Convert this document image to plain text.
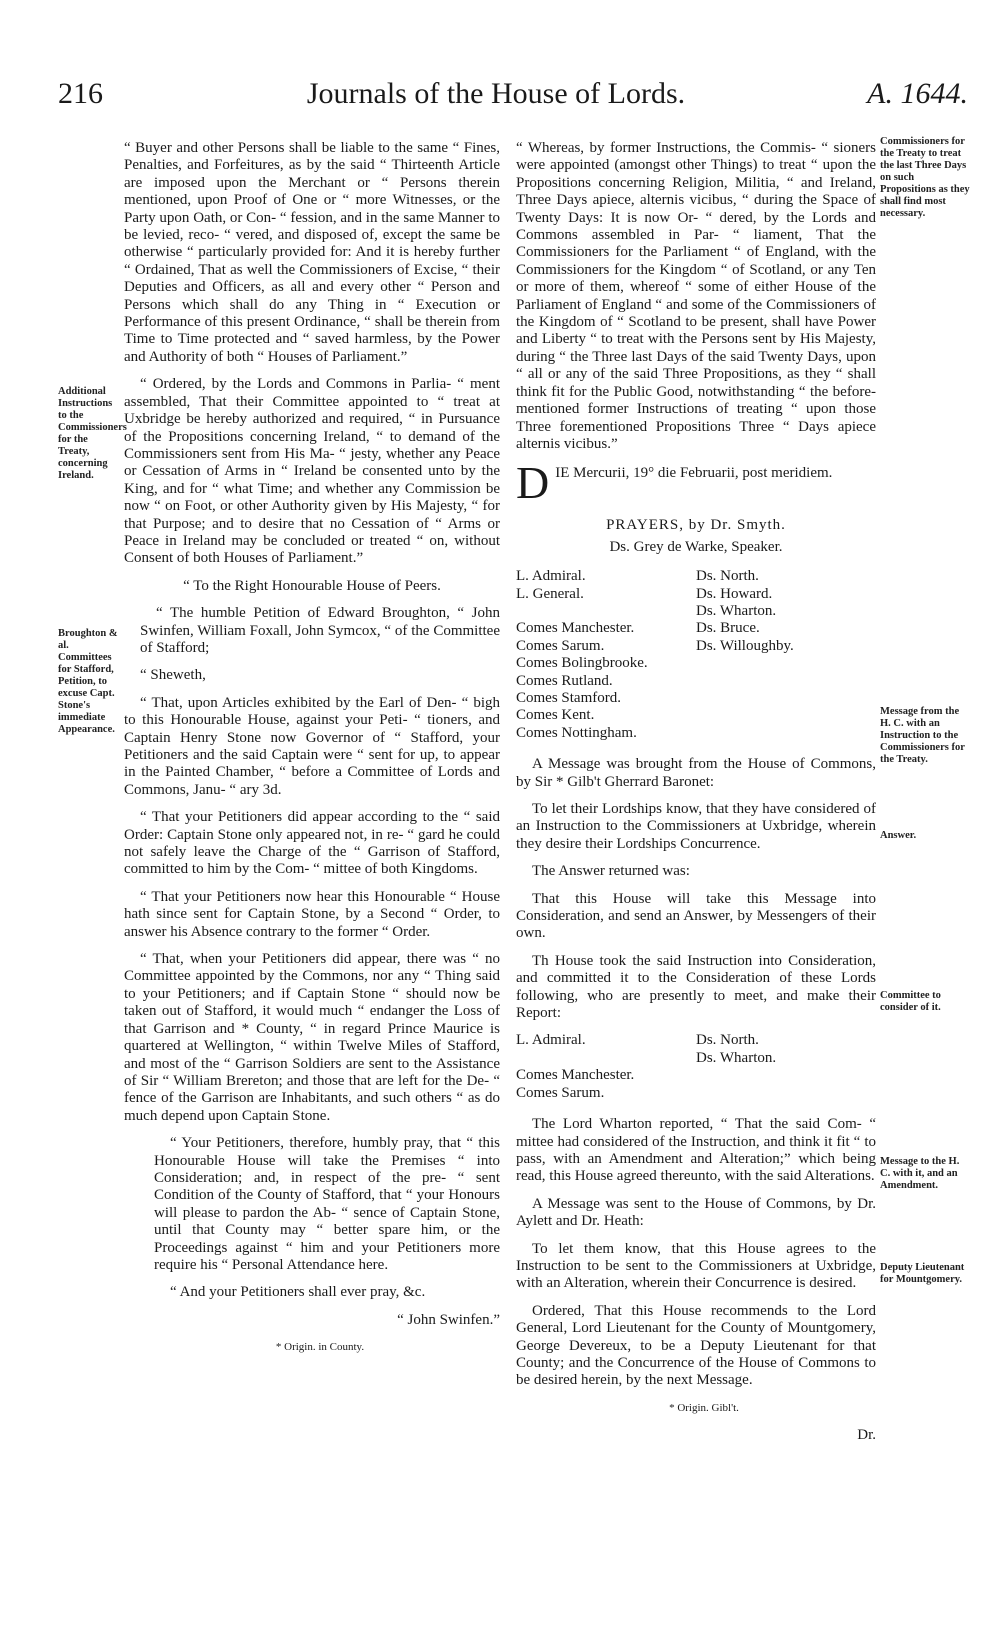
216	Journals of the House of Lords.	A. 1644.
Additional Instructions to the Commissioners for the Treaty, concerning Ireland.
Broughton & al. Committees for Stafford, Petition, to excuse Capt. Stone's immediate Appearance.
Commissioners for the Treaty to treat the last Three Days on such Propositions as they shall find most necessary.
Message from the H. C. with an Instruction to the Commissioners for the Treaty.
Answer.
Committee to consider of it.
Message to the H. C. with it, and an Amendment.
Deputy Lieutenant for Mountgomery.

“ Buyer and other Persons shall be liable to the same “ Fines, Penalties, and Forfeitures, as by the said “ Thirteenth Article are imposed upon the Merchant or “ Persons therein mentioned, upon Proof of One or “ more Witnesses, or the Party upon Oath, or Con- “ fession, and in the same Manner to be levied, reco- “ vered, and disposed of, except the same be otherwise “ particularly provided for: And it is hereby further “ Ordained, That as well the Commissioners of Excise, “ their Deputies and Officers, as all and every other “ Person and Persons which shall do any Thing in “ Execution or Performance of this present Ordinance, “ shall be therein from Time to Time protected and “ saved harmless, by the Power and Authority of both “ Houses of Parliament.”

“ Ordered, by the Lords and Commons in Parlia- “ ment assembled, That their Committee appointed to “ treat at Uxbridge be hereby authorized and required, “ in Pursuance of the Propositions concerning Ireland, “ to demand of the Commissioners sent from His Ma- “ jesty, whether any Peace or Cessation of Arms in “ Ireland be consented unto by the King, and for “ what Time; and whether any Commission be now “ on Foot, or other Authority given by His Majesty, “ for that Purpose; and to desire that no Cessation of “ Arms or Peace in Ireland may be concluded or treated “ on, without Consent of both Houses of Parliament.”

“ To the Right Honourable House of Peers.

“ The humble Petition of Edward Broughton, “ John Swinfen, William Foxall, John Symcox, “ of the Committee of Stafford;

“ Sheweth,

“ That, upon Articles exhibited by the Earl of Den- “ bigh to this Honourable House, against your Peti- “ tioners, and Captain Henry Stone now Governor of “ Stafford, your Petitioners and the said Captain were “ sent for up, to appear in the Painted Chamber, “ before a Committee of Lords and Commons, Janu- “ ary 3d.

“ That your Petitioners did appear according to the “ said Order: Captain Stone only appeared not, in re- “ gard he could not safely leave the Charge of the “ Garrison of Stafford, committed to him by the Com- “ mittee of both Kingdoms.

“ That your Petitioners now hear this Honourable “ House hath since sent for Captain Stone, by a Second “ Order, to answer his Absence contrary to the former “ Order.

“ That, when your Petitioners did appear, there was “ no Committee appointed by the Commons, nor any “ Thing said to your Petitioners; and if Captain Stone “ should now be taken out of Stafford, it would much “ endanger the Loss of that Garrison and * County, “ in regard Prince Maurice is quartered at Wellington, “ within Twelve Miles of Stafford, and most of the “ Garrison Soldiers are sent to the Assistance of Sir “ William Brereton; and those that are left for the De- “ fence of the Garrison are Inhabitants, and such others “ as do much depend upon Captain Stone.

“ Your Petitioners, therefore, humbly pray, that “ this Honourable House will take the Premises “ into Consideration; and, in respect of the pre- “ sent Condition of the County of Stafford, that “ your Honours will please to pardon the Ab- “ sence of Captain Stone, until that County may “ better spare him, or the Proceedings against “ him and your Petitioners more require his “ Personal Attendance here.

“ And your Petitioners shall ever pray, &c.

“ John Swinfen.”

* Origin. in County.

“ Whereas, by former Instructions, the Commis- “ sioners were appointed (amongst other Things) to treat “ upon the Propositions concerning Religion, Militia, “ and Ireland, Three Days apiece, alternis vicibus, “ during the Space of Twenty Days: It is now Or- “ dered, by the Lords and Commons assembled in Par- “ liament, That the Commissioners for the Parliament “ of England, with the Commissioners for the Kingdom “ of Scotland, or any Ten or more of them, whereof “ some of either House of the Parliament of England “ and some of the Commissioners of the Kingdom of “ Scotland to be present, shall have Power and Liberty “ to treat with the Persons sent by His Majesty, during “ the Three last Days of the said Twenty Days, upon “ all or any of the said Three Propositions, as they “ shall think fit for the Public Good, notwithstanding “ the before-mentioned former Instructions of treating “ upon those Three forementioned Propositions Three “ Days apiece alternis vicibus.”

D IE Mercurii, 19° die Februarii, post meridiem.
PRAYERS, by Dr. Smyth.
Ds. Grey de Warke, Speaker.
L. Admiral.
L. General.

Comes Manchester.
Comes Sarum.
Comes Bolingbrooke.
Comes Rutland.
Comes Stamford.
Comes Kent.
Comes Nottingham.
Ds. North.
Ds. Howard.
Ds. Wharton.
Ds. Bruce.
Ds. Willoughby.

A Message was brought from the House of Commons, by Sir * Gilb't Gherrard Baronet:

To let their Lordships know, that they have considered of an Instruction to the Commissioners at Uxbridge, wherein they desire their Lordships Concurrence.

The Answer returned was:

That this House will take this Message into Consideration, and send an Answer, by Messengers of their own.

Th House took the said Instruction into Consideration, and committed it to the Consideration of these Lords following, who are presently to meet, and make their Report:

L. Admiral.

Comes Manchester.
Comes Sarum.
Ds. North.
Ds. Wharton.

The Lord Wharton reported, “ That the said Com- “ mittee had considered of the Instruction, and think it fit “ to pass, with an Amendment and Alteration;” which being read, this House agreed thereunto, with the said Alterations.

A Message was sent to the House of Commons, by Dr. Aylett and Dr. Heath:

To let them know, that this House agrees to the Instruction to be sent to the Commissioners at Uxbridge, with an Alteration, wherein their Concurrence is desired.

Ordered, That this House recommends to the Lord General, Lord Lieutenant for the County of Mountgomery, George Devereux, to be a Deputy Lieutenant for that County; and the Concurrence of the House of Commons to be desired herein, by the next Message.

* Origin. Gibl't.

Dr.
